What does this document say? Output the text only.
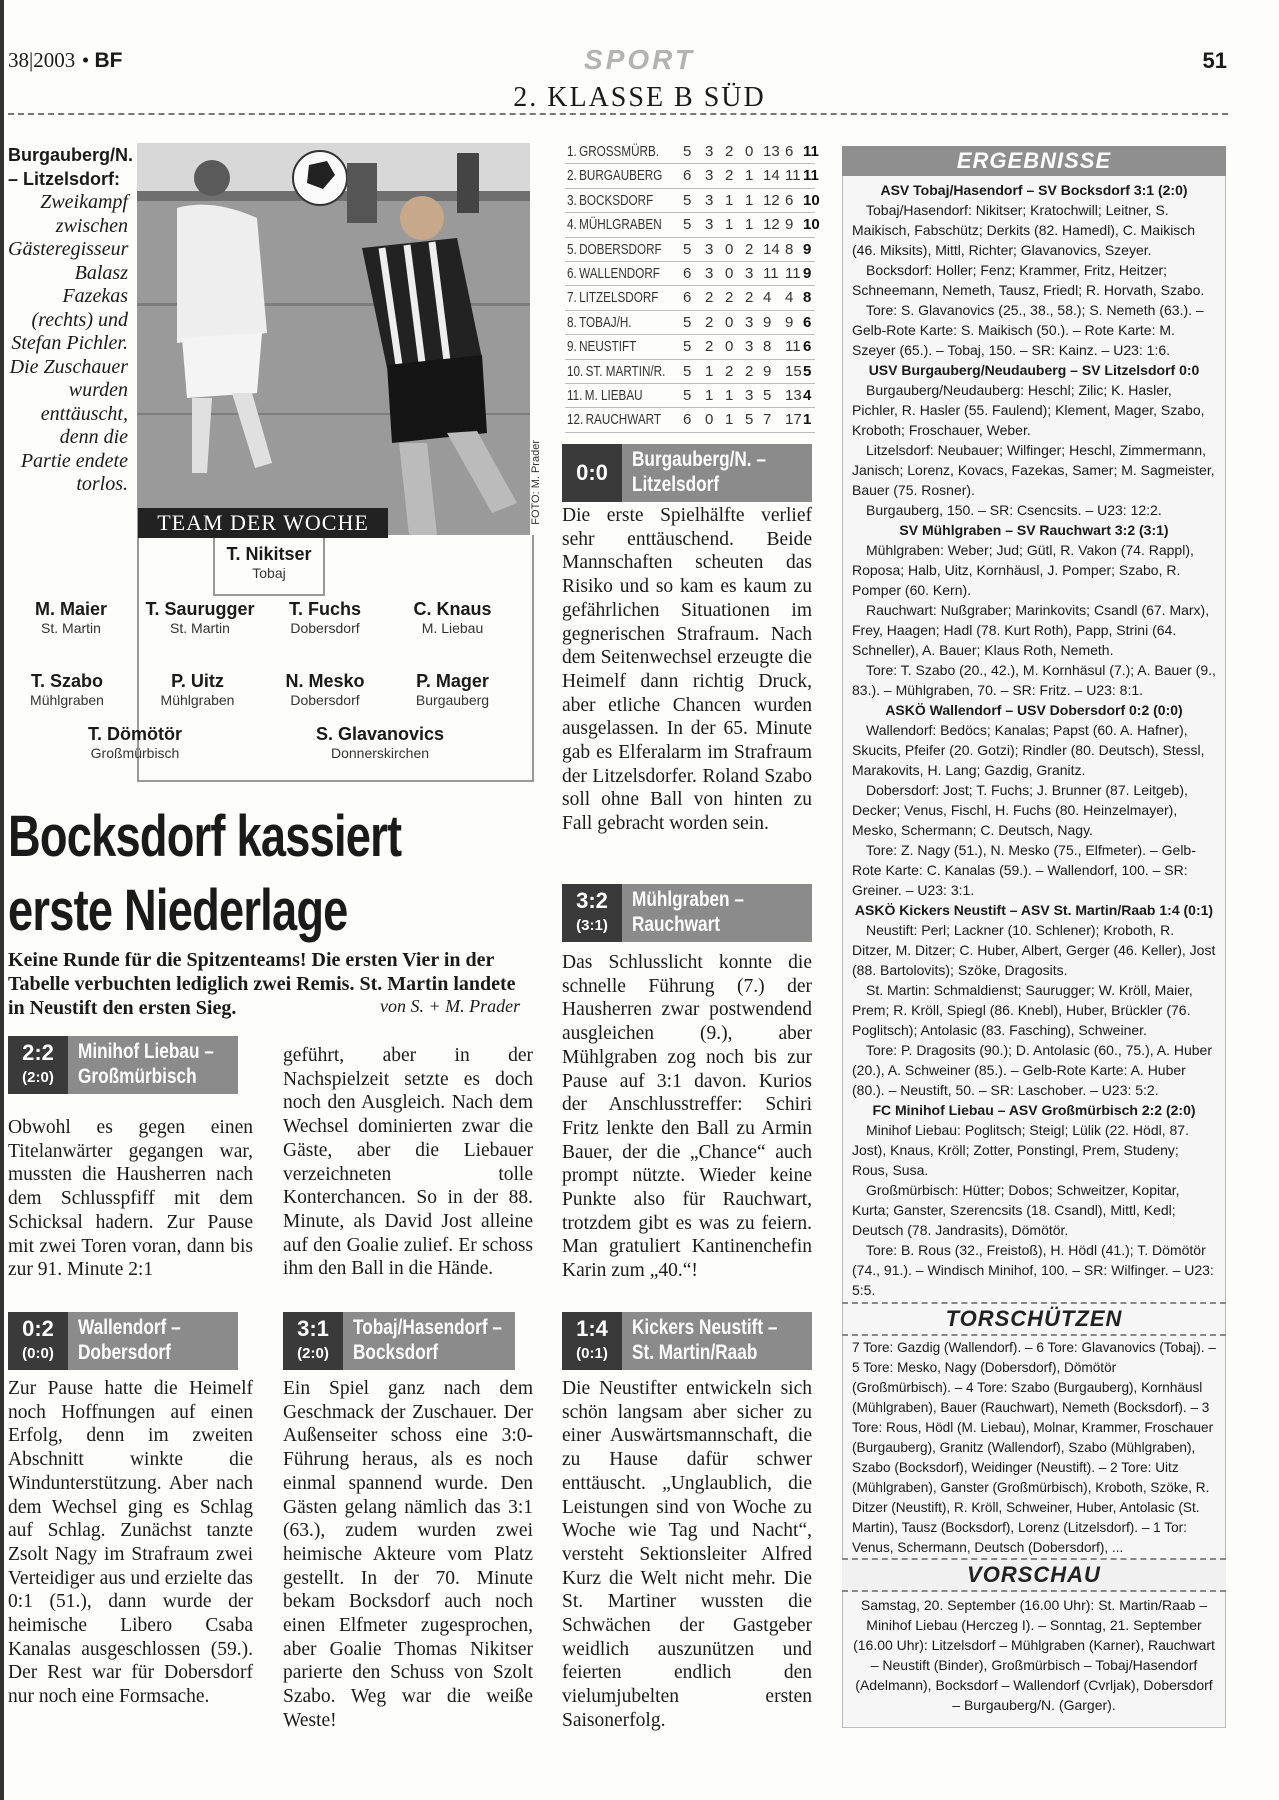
38|2003 • BF	SPORT	51
2. KLASSE B SÜD
Burgauberg/N. – Litzelsdorf:
Zweikampf zwischen Gästeregisseur Balasz Fazekas (rechts) und Stefan Pichler. Die Zuschauer wurden enttäuscht, denn die Partie endete torlos.	FOTO: M. Prader
TEAM DER WOCHE
T. Nikitser
Tobaj
M. Maier
St. Martin
T. Saurugger
St. Martin
T. Fuchs
Dobersdorf
C. Knaus
M. Liebau
T. Szabo
Mühlgraben
P. Uitz
Mühlgraben
N. Mesko
Dobersdorf
P. Mager
Burgauberg
T. Dömötör
Großmürbisch
S. Glavanovics
Donnerskirchen
Bocksdorf kassiert
erste Niederlage
Keine Runde für die Spitzenteams! Die ersten Vier in der Tabelle verbuchten lediglich zwei Remis. St. Martin landete in Neustift den ersten Sieg.	von S. + M. Prader
2:2
(2:0)
Minihof Liebau –
Großmürbisch
Obwohl es gegen einen Titelanwärter gegangen war, mussten die Hausherren nach dem Schlusspfiff mit dem Schicksal hadern. Zur Pause mit zwei Toren voran, dann bis zur 91. Minute 2:1
geführt, aber in der Nachspielzeit setzte es doch noch den Ausgleich. Nach dem Wechsel dominierten zwar die Gäste, aber die Liebauer verzeichneten tolle Konterchancen. So in der 88. Minute, als David Jost alleine auf den Goalie zulief. Er schoss ihm den Ball in die Hände.
0:2
(0:0)
Wallendorf –
Dobersdorf
Zur Pause hatte die Heimelf noch Hoffnungen auf einen Erfolg, denn im zweiten Abschnitt winkte die Windunterstützung. Aber nach dem Wechsel ging es Schlag auf Schlag. Zunächst tanzte Zsolt Nagy im Strafraum zwei Verteidiger aus und erzielte das 0:1 (51.), dann wurde der heimische Libero Csaba Kanalas ausgeschlossen (59.). Der Rest war für Dobersdorf nur noch eine Formsache.
3:1
(2:0)
Tobaj/Hasendorf –
Bocksdorf
Ein Spiel ganz nach dem Geschmack der Zuschauer. Der Außenseiter schoss eine 3:0-Führung heraus, als es noch einmal spannend wurde. Den Gästen gelang nämlich das 3:1 (63.), zudem wurden zwei heimische Akteure vom Platz gestellt. In der 70. Minute bekam Bocksdorf auch noch einen Elfmeter zugesprochen, aber Goalie Thomas Nikitser parierte den Schuss von Szolt Szabo. Weg war die weiße Weste!
1. GROSSMÜRB. 5 3 2 0 13 6 11
2. BURGAUBERG 6 3 2 1 14 11 11
3. BOCKSDORF 5 3 1 1 12 6 10
4. MÜHLGRABEN 5 3 1 1 12 9 10
5. DOBERSDORF 5 3 0 2 14 8 9
6. WALLENDORF 6 3 0 3 11 11 9
7. LITZELSDORF 6 2 2 2 4 4 8
8. TOBAJ/H.	5 2 0 3 9 9 6
9. NEUSTIFT	5 2 0 3 8 11 6
10. ST. MARTIN/R. 5 1 2 2 9 15 5
11. M. LIEBAU	5 1 1 3 5 13 4
12. RAUCHWART 6 0 1 5 7 17 1
0:0
Burgauberg/N. –
Litzelsdorf
Die erste Spielhälfte verlief sehr enttäuschend. Beide Mannschaften scheuten das Risiko und so kam es kaum zu gefährlichen Situationen im gegnerischen Strafraum. Nach dem Seitenwechsel erzeugte die Heimelf dann richtig Druck, aber etliche Chancen wurden ausgelassen. In der 65. Minute gab es Elferalarm im Strafraum der Litzelsdorfer. Roland Szabo soll ohne Ball von hinten zu Fall gebracht worden sein.
3:2
(3:1)
Mühlgraben –
Rauchwart
Das Schlusslicht konnte die schnelle Führung (7.) der Hausherren zwar postwendend ausgleichen (9.), aber Mühlgraben zog noch bis zur Pause auf 3:1 davon. Kurios der Anschlusstreffer: Schiri Fritz lenkte den Ball zu Armin Bauer, der die „Chance“ auch prompt nützte. Wieder keine Punkte also für Rauchwart, trotzdem gibt es was zu feiern. Man gratuliert Kantinenchefin Karin zum „40.“!
1:4
(0:1)
Kickers Neustift –
St. Martin/Raab
Die Neustifter entwickeln sich schön langsam aber sicher zu einer Auswärtsmannschaft, die zu Hause dafür schwer enttäuscht. „Unglaublich, die Leistungen sind von Woche zu Woche wie Tag und Nacht“, versteht Sektionsleiter Alfred Kurz die Welt nicht mehr. Die St. Martiner wussten die Schwächen der Gastgeber weidlich auszunützen und feierten endlich den vielumjubelten ersten Saisonerfolg.
ERGEBNISSE

ASV Tobaj/Hasendorf – SV Bocksdorf 3:1 (2:0)

Tobaj/Hasendorf: Nikitser; Kratochwill; Leitner, S. Maikisch, Fabschütz; Derkits (82. Hamedl), C. Maikisch (46. Miksits), Mittl, Richter; Glavanovics, Szeyer.

Bocksdorf: Holler; Fenz; Krammer, Fritz, Heitzer; Schneemann, Nemeth, Tausz, Friedl; R. Horvath, Szabo.

Tore: S. Glavanovics (25., 38., 58.); S. Nemeth (63.). – Gelb-Rote Karte: S. Maikisch (50.). – Rote Karte: M. Szeyer (65.). – Tobaj, 150. – SR: Kainz. – U23: 1:6.

USV Burgauberg/Neudauberg – SV Litzelsdorf 0:0

Burgauberg/Neudauberg: Heschl; Zilic; K. Hasler, Pichler, R. Hasler (55. Faulend); Klement, Mager, Szabo, Kroboth; Froschauer, Weber.

Litzelsdorf: Neubauer; Wilfinger; Heschl, Zimmermann, Janisch; Lorenz, Kovacs, Fazekas, Samer; M. Sagmeister, Bauer (75. Rosner).

Burgauberg, 150. – SR: Csencsits. – U23: 12:2.

SV Mühlgraben – SV Rauchwart 3:2 (3:1)

Mühlgraben: Weber; Jud; Gütl, R. Vakon (74. Rappl), Roposa; Halb, Uitz, Kornhäusl, J. Pomper; Szabo, R. Pomper (60. Kern).

Rauchwart: Nußgraber; Marinkovits; Csandl (67. Marx), Frey, Haagen; Hadl (78. Kurt Roth), Papp, Strini (64. Schneller), A. Bauer; Klaus Roth, Nemeth.

Tore: T. Szabo (20., 42.), M. Kornhäsul (7.); A. Bauer (9., 83.). – Mühlgraben, 70. – SR: Fritz. – U23: 8:1.

ASKÖ Wallendorf – USV Dobersdorf 0:2 (0:0)

Wallendorf: Bedöcs; Kanalas; Papst (60. A. Hafner), Skucits, Pfeifer (20. Gotzi); Rindler (80. Deutsch), Stessl, Marakovits, H. Lang; Gazdig, Granitz.

Dobersdorf: Jost; T. Fuchs; J. Brunner (87. Leitgeb), Decker; Venus, Fischl, H. Fuchs (80. Heinzelmayer), Mesko, Schermann; C. Deutsch, Nagy.

Tore: Z. Nagy (51.), N. Mesko (75., Elfmeter). – Gelb-Rote Karte: C. Kanalas (59.). – Wallendorf, 100. – SR: Greiner. – U23: 3:1.

ASKÖ Kickers Neustift – ASV St. Martin/Raab 1:4 (0:1)

Neustift: Perl; Lackner (10. Schlener); Kroboth, R. Ditzer, M. Ditzer; C. Huber, Albert, Gerger (46. Keller), Jost (88. Bartolovits); Szöke, Dragosits.

St. Martin: Schmaldienst; Saurugger; W. Kröll, Maier, Prem; R. Kröll, Spiegl (86. Knebl), Huber, Brückler (76. Poglitsch); Antolasic (83. Fasching), Schweiner.

Tore: P. Dragosits (90.); D. Antolasic (60., 75.), A. Huber (20.), A. Schweiner (85.). – Gelb-Rote Karte: A. Huber (80.). – Neustift, 50. – SR: Laschober. – U23: 5:2.

FC Minihof Liebau – ASV Großmürbisch 2:2 (2:0)

Minihof Liebau: Poglitsch; Steigl; Lülik (22. Hödl, 87. Jost), Knaus, Kröll; Zotter, Ponstingl, Prem, Studeny; Rous, Susa.

Großmürbisch: Hütter; Dobos; Schweitzer, Kopitar, Kurta; Ganster, Szerencsits (18. Csandl), Mittl, Kedl; Deutsch (78. Jandrasits), Dömötör.

Tore: B. Rous (32., Freistoß), H. Hödl (41.); T. Dömötör (74., 91.). – Windisch Minihof, 100. – SR: Wilfinger. – U23: 5:5.

TORSCHÜTZEN
7 Tore: Gazdig (Wallendorf). – 6 Tore: Glavanovics (Tobaj). – 5 Tore: Mesko, Nagy (Dobersdorf), Dömötör (Großmürbisch). – 4 Tore: Szabo (Burgauberg), Kornhäusl (Mühlgraben), Bauer (Rauchwart), Nemeth (Bocksdorf). – 3 Tore: Rous, Hödl (M. Liebau), Molnar, Krammer, Froschauer (Burgauberg), Granitz (Wallendorf), Szabo (Mühlgraben), Szabo (Bocksdorf), Weidinger (Neustift). – 2 Tore: Uitz (Mühlgraben), Ganster (Großmürbisch), Kroboth, Szöke, R. Ditzer (Neustift), R. Kröll, Schweiner, Huber, Antolasic (St. Martin), Tausz (Bocksdorf), Lorenz (Litzelsdorf). – 1 Tor: Venus, Schermann, Deutsch (Dobersdorf), ...
VORSCHAU
Samstag, 20. September (16.00 Uhr): St. Martin/Raab – Minihof Liebau (Herczeg I). – Sonntag, 21. September (16.00 Uhr): Litzelsdorf – Mühlgraben (Karner), Rauchwart – Neustift (Binder), Großmürbisch – Tobaj/Hasendorf (Adelmann), Bocksdorf – Wallendorf (Cvrljak), Dobersdorf – Burgauberg/N. (Garger).
